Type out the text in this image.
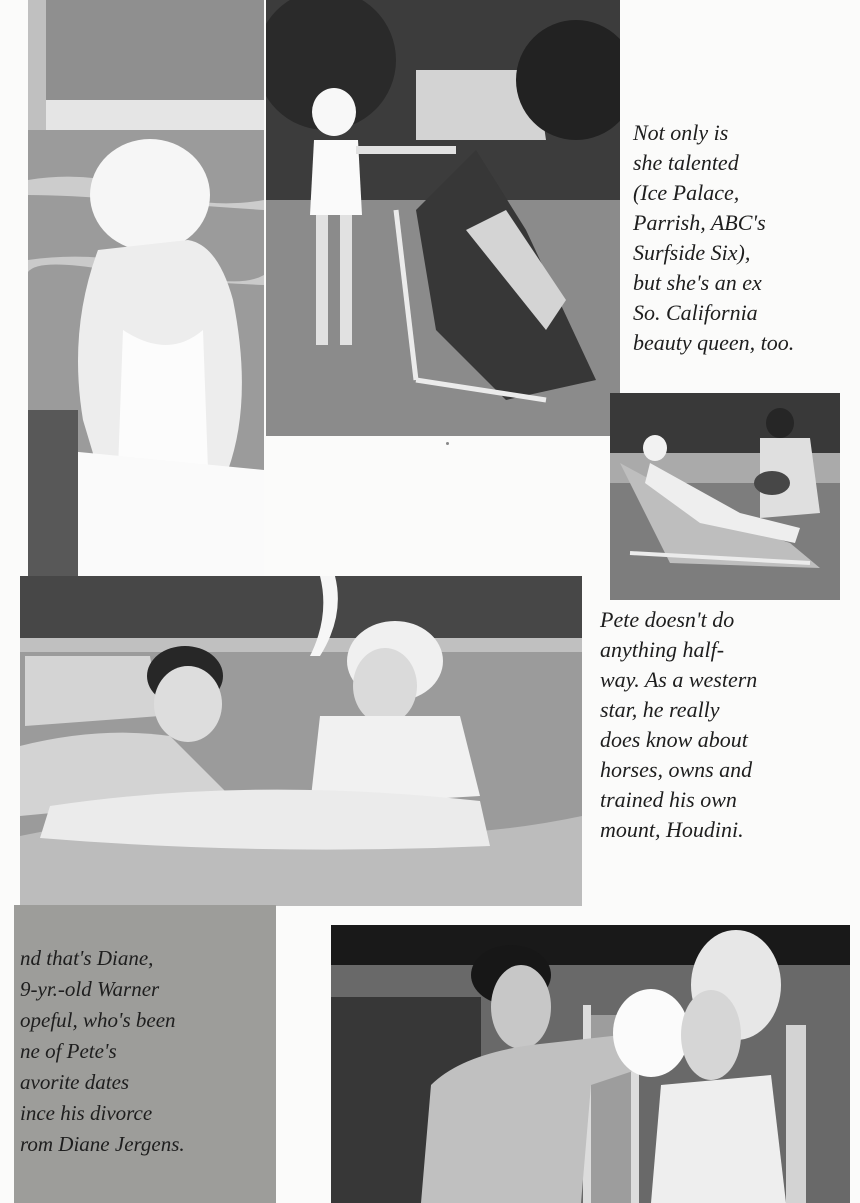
Not only is
she talented
(Ice Palace,
Parrish, ABC's
Surfside Six),
but she's an ex
So. California
beauty queen, too.
Pete doesn't do
anything half-
way. As a western
star, he really
does know about
horses, owns and
trained his own
mount, Houdini.
nd that's Diane,
9-yr.-old Warner
opeful, who's been
ne of Pete's
avorite dates
ince his divorce
rom Diane Jergens.
